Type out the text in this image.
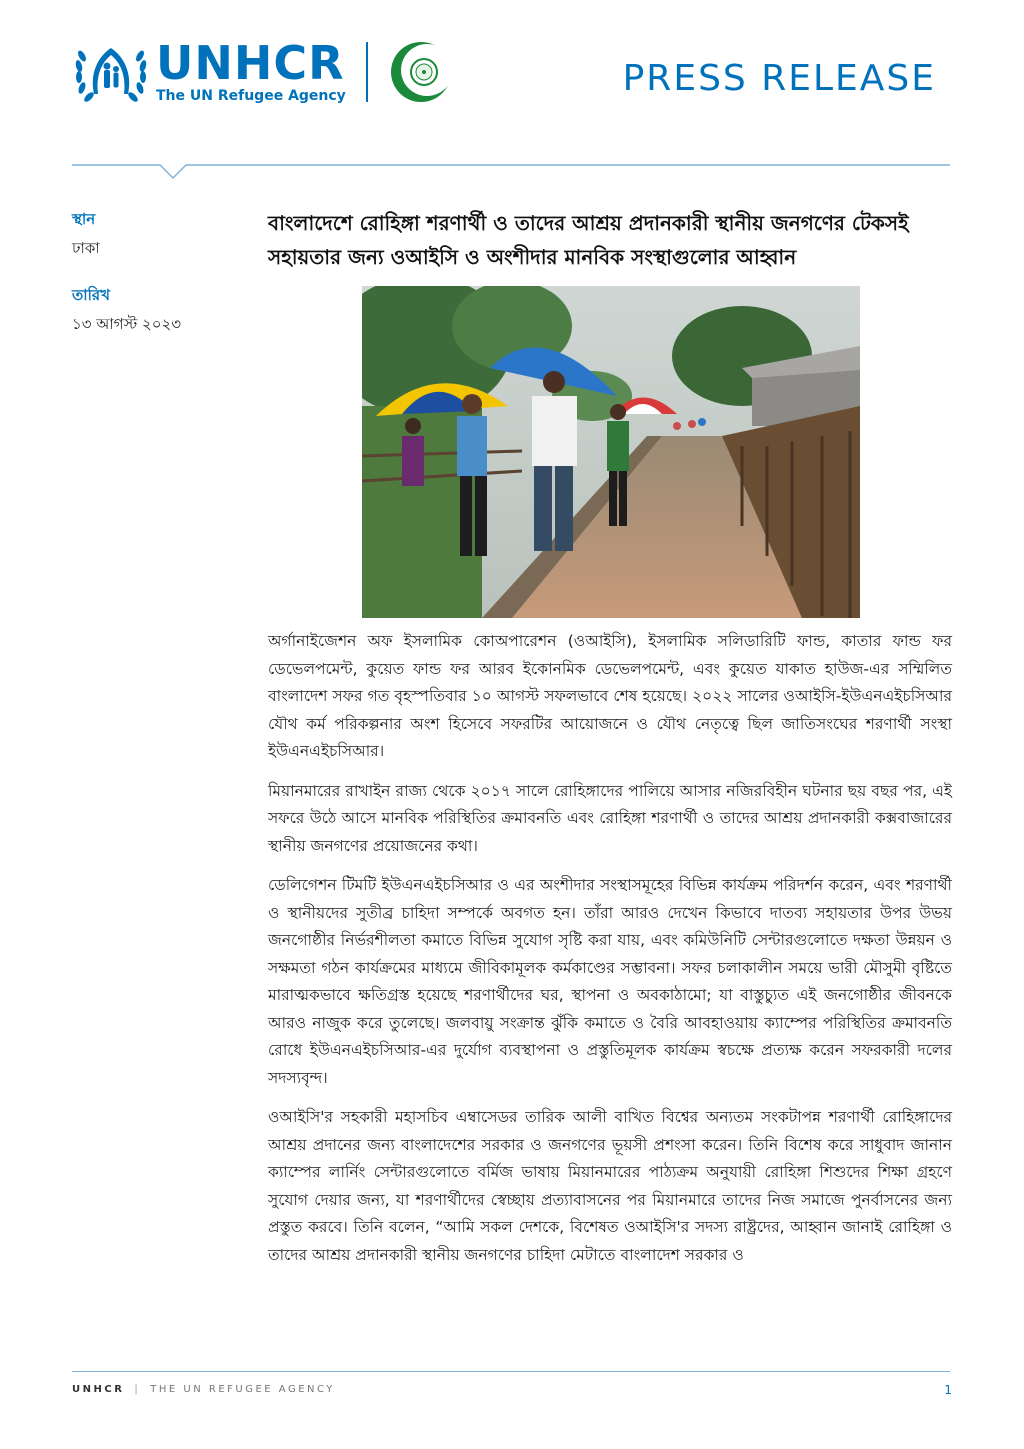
UNHCR
The UN Refugee Agency	PRESS RELEASE
স্থান
ঢাকা
তারিখ
১৩ আগস্ট ২০২৩
বাংলাদেশে রোহিঙ্গা শরণার্থী ও তাদের আশ্রয় প্রদানকারী স্থানীয় জনগণের টেকসই সহায়তার জন্য ওআইসি ও অংশীদার মানবিক সংস্থাগুলোর আহ্বান

অর্গানাইজেশন অফ ইসলামিক কোঅপারেশন (ওআইসি), ইসলামিক সলিডারিটি ফান্ড, কাতার ফান্ড ফর ডেভেলপমেন্ট, কুয়েত ফান্ড ফর আরব ইকোনমিক ডেভেলপমেন্ট, এবং কুয়েত যাকাত হাউজ-এর সম্মিলিত বাংলাদেশ সফর গত বৃহস্পতিবার ১০ আগস্ট সফলভাবে শেষ হয়েছে। ২০২২ সালের ওআইসি-ইউএনএইচসিআর যৌথ কর্ম পরিকল্পনার অংশ হিসেবে সফরটির আয়োজনে ও যৌথ নেতৃত্বে ছিল জাতিসংঘের শরণার্থী সংস্থা ইউএনএইচসিআর।

মিয়ানমারের রাখাইন রাজ্য থেকে ২০১৭ সালে রোহিঙ্গাদের পালিয়ে আসার নজিরবিহীন ঘটনার ছয় বছর পর, এই সফরে উঠে আসে মানবিক পরিস্থিতির ক্রমাবনতি এবং রোহিঙ্গা শরণার্থী ও তাদের আশ্রয় প্রদানকারী কক্সবাজারের স্থানীয় জনগণের প্রয়োজনের কথা।

ডেলিগেশন টিমটি ইউএনএইচসিআর ও এর অংশীদার সংস্থাসমূহের বিভিন্ন কার্যক্রম পরিদর্শন করেন, এবং শরণার্থী ও স্থানীয়দের সুতীব্র চাহিদা সম্পর্কে অবগত হন। তাঁরা আরও দেখেন কিভাবে দাতব্য সহায়তার উপর উভয় জনগোষ্ঠীর নির্ভরশীলতা কমাতে বিভিন্ন সুযোগ সৃষ্টি করা যায়, এবং কমিউনিটি সেন্টারগুলোতে দক্ষতা উন্নয়ন ও সক্ষমতা গঠন কার্যক্রমের মাধ্যমে জীবিকামূলক কর্মকাণ্ডের সম্ভাবনা। সফর চলাকালীন সময়ে ভারী মৌসুমী বৃষ্টিতে মারাত্মকভাবে ক্ষতিগ্রস্ত হয়েছে শরণার্থীদের ঘর, স্থাপনা ও অবকাঠামো; যা বাস্তুচ্যুত এই জনগোষ্ঠীর জীবনকে আরও নাজুক করে তুলেছে। জলবায়ু সংক্রান্ত ঝুঁকি কমাতে ও বৈরি আবহাওয়ায় ক্যাম্পের পরিস্থিতির ক্রমাবনতি রোধে ইউএনএইচসিআর-এর দুর্যোগ ব্যবস্থাপনা ও প্রস্তুতিমূলক কার্যক্রম স্বচক্ষে প্রত্যক্ষ করেন সফরকারী দলের সদস্যবৃন্দ।

ওআইসি'র সহকারী মহাসচিব এম্বাসেডর তারিক আলী বাখিত বিশ্বের অন্যতম সংকটাপন্ন শরণার্থী রোহিঙ্গাদের আশ্রয় প্রদানের জন্য বাংলাদেশের সরকার ও জনগণের ভূয়সী প্রশংসা করেন। তিনি বিশেষ করে সাধুবাদ জানান ক্যাম্পের লার্নিং সেন্টারগুলোতে বর্মিজ ভাষায় মিয়ানমারের পাঠ্যক্রম অনুযায়ী রোহিঙ্গা শিশুদের শিক্ষা গ্রহণে সুযোগ দেয়ার জন্য, যা শরণার্থীদের স্বেচ্ছায় প্রত্যাবাসনের পর মিয়ানমারে তাদের নিজ সমাজে পুনর্বাসনের জন্য প্রস্তুত করবে। তিনি বলেন, “আমি সকল দেশকে, বিশেষত ওআইসি'র সদস্য রাষ্ট্রদের, আহ্বান জানাই রোহিঙ্গা ও তাদের আশ্রয় প্রদানকারী স্থানীয় জনগণের চাহিদা মেটাতে বাংলাদেশ সরকার ও

UNHCR | THE UN REFUGEE AGENCY	1
